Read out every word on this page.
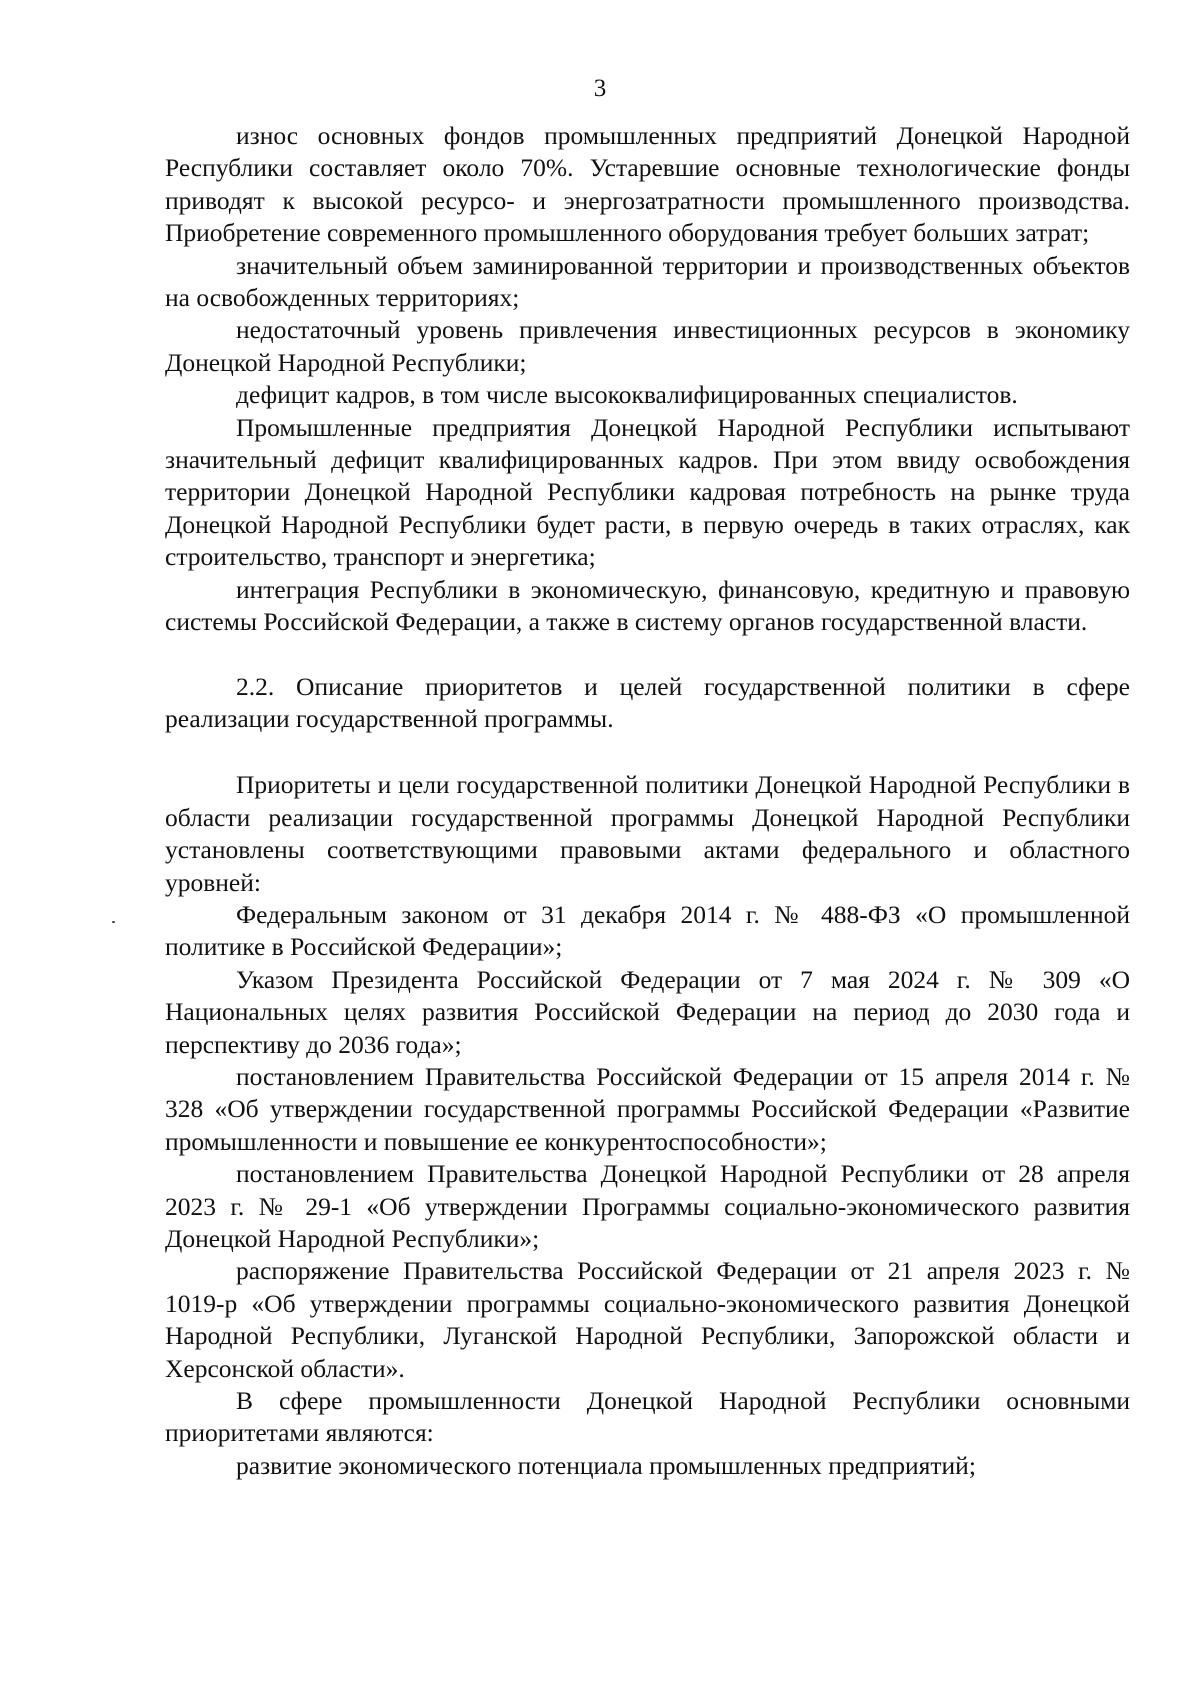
3

износ основных фондов промышленных предприятий Донецкой Народной Республики составляет около 70%. Устаревшие основные технологические фонды приводят к высокой ресурсо- и энергозатратности промышленного производства. Приобретение современного промышленного оборудования требует больших затрат;

значительный объем заминированной территории и производственных объектов на освобожденных территориях;

недостаточный уровень привлечения инвестиционных ресурсов в экономику Донецкой Народной Республики;

дефицит кадров, в том числе высококвалифицированных специалистов.

Промышленные предприятия Донецкой Народной Республики испытывают значительный дефицит квалифицированных кадров. При этом ввиду освобождения территории Донецкой Народной Республики кадровая потребность на рынке труда Донецкой Народной Республики будет расти, в первую очередь в таких отраслях, как строительство, транспорт и энергетика;

интеграция Республики в экономическую, финансовую, кредитную и правовую системы Российской Федерации, а также в систему органов государственной власти.

2.2. Описание приоритетов и целей государственной политики в сфере реализации государственной программы.

Приоритеты и цели государственной политики Донецкой Народной Республики в области реализации государственной программы Донецкой Народной Республики установлены соответствующими правовыми актами федерального и областного уровней:

Федеральным законом от 31 декабря 2014 г. № 488-ФЗ «О промышленной политике в Российской Федерации»;

Указом Президента Российской Федерации от 7 мая 2024 г. № 309 «О Национальных целях развития Российской Федерации на период до 2030 года и перспективу до 2036 года»;

постановлением Правительства Российской Федерации от 15 апреля 2014 г. № 328 «Об утверждении государственной программы Российской Федерации «Развитие промышленности и повышение ее конкурентоспособности»;

постановлением Правительства Донецкой Народной Республики от 28 апреля 2023 г. № 29-1 «Об утверждении Программы социально-экономического развития Донецкой Народной Республики»;

распоряжение Правительства Российской Федерации от 21 апреля 2023 г. № 1019-р «Об утверждении программы социально-экономического развития Донецкой Народной Республики, Луганской Народной Республики, Запорожской области и Херсонской области».

В сфере промышленности Донецкой Народной Республики основными приоритетами являются:

развитие экономического потенциала промышленных предприятий;
